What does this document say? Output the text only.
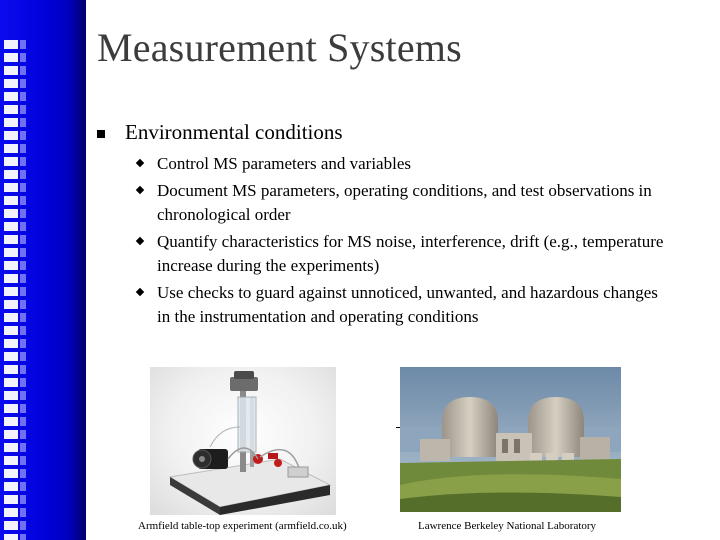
Measurement Systems
Environmental conditions
Control MS parameters and variables
Document MS parameters, operating conditions, and test observations in chronological order
Quantify characteristics for MS noise, interference, drift (e.g., temperature increase during the experiments)
Use checks to guard against unnoticed, unwanted, and hazardous changes in the instrumentation and operating conditions
Armfield table-top experiment (armfield.co.uk)	Lawrence Berkeley National Laboratory
